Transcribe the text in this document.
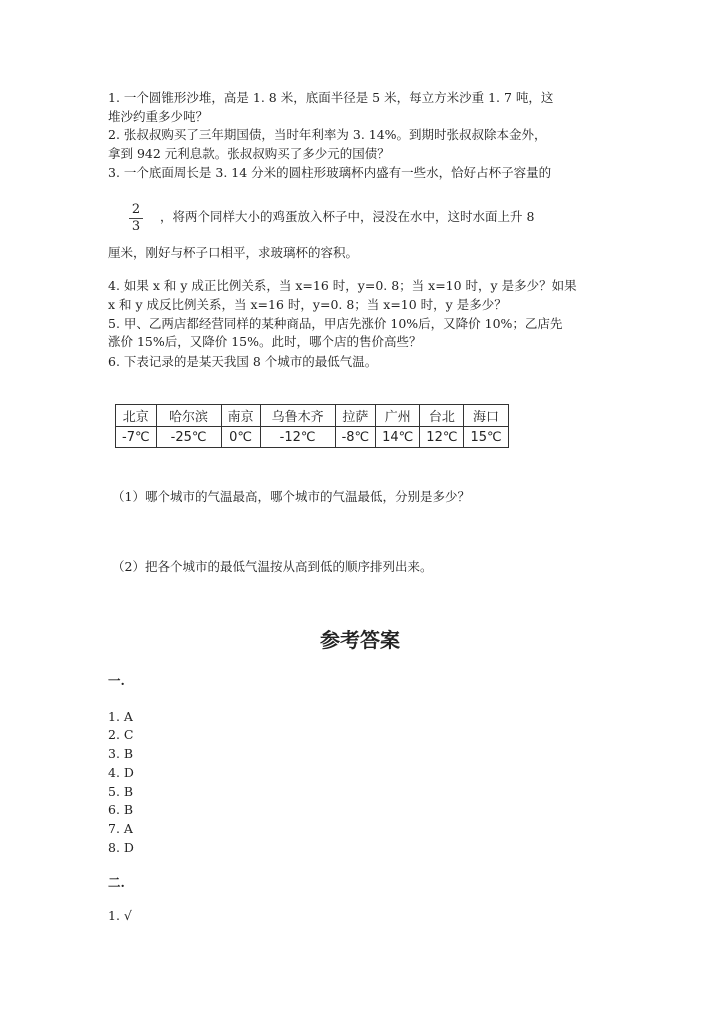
1. 一个圆锥形沙堆，高是 1. 8 米，底面半径是 5 米，每立方米沙重 1. 7 吨，这
堆沙约重多少吨？
2. 张叔叔购买了三年期国债，当时年利率为 3. 14%。到期时张叔叔除本金外，
拿到 942 元利息款。张叔叔购买了多少元的国债？
3. 一个底面周长是 3. 14 分米的圆柱形玻璃杯内盛有一些水，恰好占杯子容量的
2
3
，将两个同样大小的鸡蛋放入杯子中，浸没在水中，这时水面上升 8
厘米，刚好与杯子口相平，求玻璃杯的容积。
4. 如果 x 和 y 成正比例关系，当 x=16 时，y=0. 8；当 x=10 时，y 是多少？如果
x 和 y 成反比例关系，当 x=16 时，y=0. 8；当 x=10 时，y 是多少？
5. 甲、乙两店都经营同样的某种商品，甲店先涨价 10%后，又降价 10%；乙店先
涨价 15%后，又降价 15%。此时，哪个店的售价高些？
6. 下表记录的是某天我国 8 个城市的最低气温。
北京	哈尔滨	南京	乌鲁木齐	拉萨	广州	台北	海口
-7℃	-25℃	0℃	-12℃	-8℃	14℃	12℃	15℃
（1）哪个城市的气温最高，哪个城市的气温最低，分别是多少？
（2）把各个城市的最低气温按从高到低的顺序排列出来。
参考答案
一.
1. A
2. C
3. B
4. D
5. B
6. B
7. A
8. D
二.
1. √
